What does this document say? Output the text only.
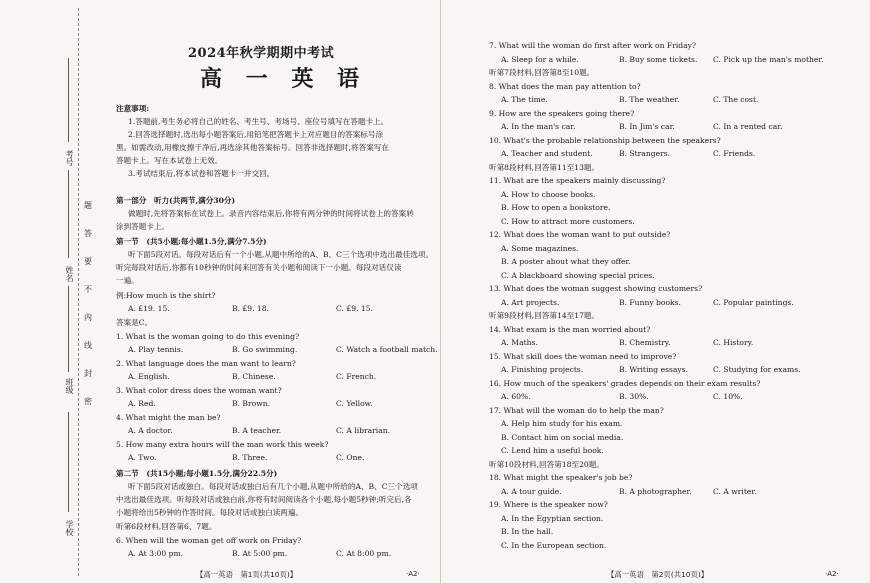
考号
姓名
班级
学校
题
答
要
不
内
线
封
密
2024年秋学期期中考试
高 一 英 语
注意事项:
1.答题前,考生务必将自己的姓名、考生号、考场号、座位号填写在答题卡上。
2.回答选择题时,选出每小题答案后,用铅笔把答题卡上对应题目的答案标号涂
黑。如需改动,用橡皮擦干净后,再选涂其他答案标号。回答非选择题时,将答案写在
答题卡上。写在本试卷上无效。
3.考试结束后,将本试卷和答题卡一并交回。
第一部分　听力(共两节,满分30分)
做题时,先将答案标在试卷上。录音内容结束后,你将有两分钟的时间将试卷上的答案转
涂到答题卡上。
第一节　(共5小题;每小题1.5分,满分7.5分)
听下面5段对话。每段对话后有一个小题,从题中所给的A、B、C三个选项中选出最佳选项。
听完每段对话后,你都有10秒钟的时间来回答有关小题和阅读下一小题。每段对话仅读
一遍。
例:How much is the shirt?
A. £19. 15.	B. £9. 18.	C. £9. 15.
答案是C。
1. What is the woman going to do this evening?
A. Play tennis.	B. Go swimming.	C. Watch a football match.
2. What language does the man want to learn?
A. English.	B. Chinese.	C. French.
3. What color dress does the woman want?
A. Red.	B. Brown.	C. Yellow.
4. What might the man be?
A. A doctor.	B. A teacher.	C. A librarian.
5. How many extra hours will the man work this week?
A. Two.	B. Three.	C. One.
第二节　(共15小题;每小题1.5分,满分22.5分)
听下面5段对话或独白。每段对话或独白后有几个小题,从题中所给的A、B、C三个选项
中选出最佳选项。听每段对话或独白前,你将有时间阅读各个小题,每小题5秒钟;听完后,各
小题将给出5秒钟的作答时间。每段对话或独白读两遍。
听第6段材料,回答第6、7题。
6. When will the woman get off work on Friday?
A. At 3:00 pm.	B. At 5:00 pm.	C. At 8:00 pm.
【高一英语　第1页(共10页)】	·A2·
7. What will the woman do first after work on Friday?
A. Sleep for a while.	B. Buy some tickets. C. Pick up the man's mother.
听第7段材料,回答第8至10题。
8. What does the man pay attention to?
A. The time.	B. The weather.	C. The cost.
9. How are the speakers going there?
A. In the man's car.	B. In Jim's car.	C. In a rented car.
10. What's the probable relationship between the speakers?
A. Teacher and student.	B. Strangers.	C. Friends.
听第8段材料,回答第11至13题。
11. What are the speakers mainly discussing?
A. How to choose books.
B. How to open a bookstore.
C. How to attract more customers.
12. What does the woman want to put outside?
A. Some magazines.
B. A poster about what they offer.
C. A blackboard showing special prices.
13. What does the woman suggest showing customers?
A. Art projects.	B. Funny books.	C. Popular paintings.
听第9段材料,回答第14至17题。
14. What exam is the man worried about?
A. Maths.	B. Chemistry.	C. History.
15. What skill does the woman need to improve?
A. Finishing projects.	B. Writing essays.	C. Studying for exams.
16. How much of the speakers' grades depends on their exam results?
A. 60%.	B. 30%.	C. 10%.
17. What will the woman do to help the man?
A. Help him study for his exam.
B. Contact him on social media.
C. Lend him a useful book.
听第10段材料,回答第18至20题。
18. What might the speaker's job be?
A. A tour guide.	B. A photographer.	C. A writer.
19. Where is the speaker now?
A. In the Egyptian section.
B. In the hall.
C. In the European section.
【高一英语　第2页(共10页)】	·A2·
